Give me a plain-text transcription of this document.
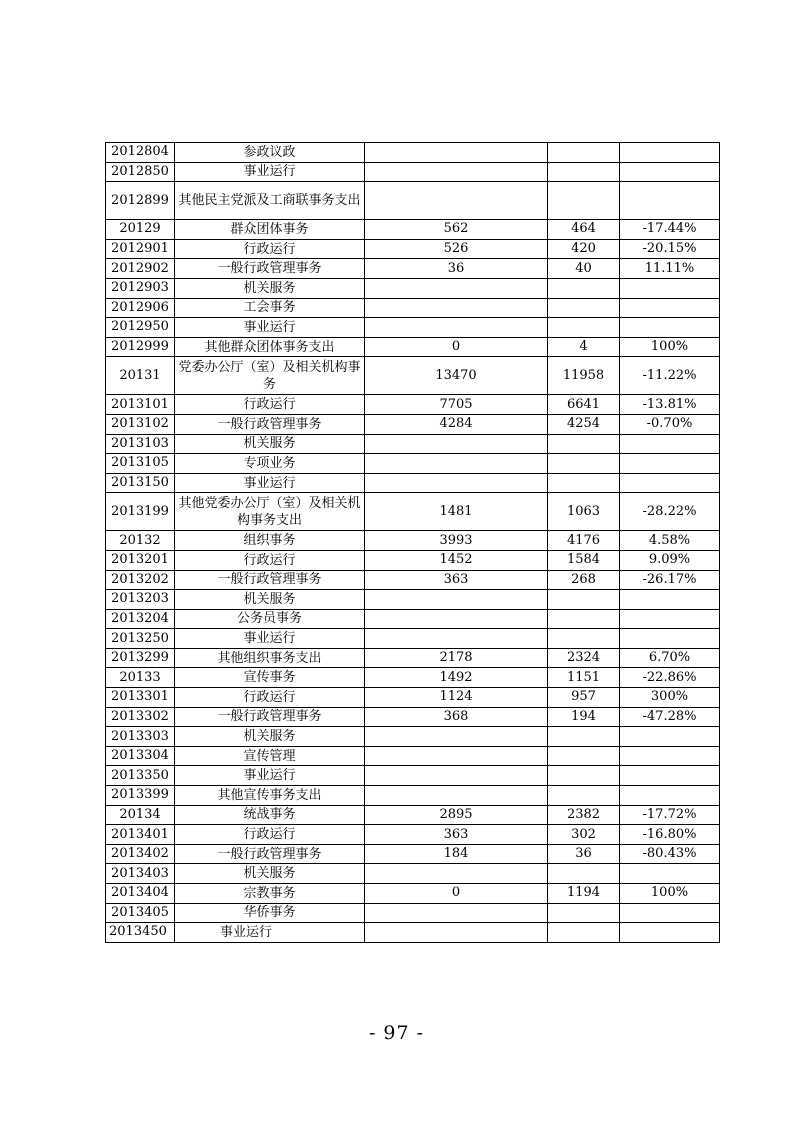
2012804	参政议政			
2012850	事业运行			
2012899	其他民主党派及工商联事务支出			
20129	群众团体事务	562	464	-17.44%
2012901	行政运行	526	420	-20.15%
2012902	一般行政管理事务	36	40	11.11%
2012903	机关服务			
2012906	工会事务			
2012950	事业运行			
2012999	其他群众团体事务支出	0	4	100%
20131	党委办公厅（室）及相关机构事务	13470	11958	-11.22%
2013101	行政运行	7705	6641	-13.81%
2013102	一般行政管理事务	4284	4254	-0.70%
2013103	机关服务			
2013105	专项业务			
2013150	事业运行			
2013199	其他党委办公厅（室）及相关机构事务支出	1481	1063	-28.22%
20132	组织事务	3993	4176	4.58%
2013201	行政运行	1452	1584	9.09%
2013202	一般行政管理事务	363	268	-26.17%
2013203	机关服务			
2013204	公务员事务			
2013250	事业运行			
2013299	其他组织事务支出	2178	2324	6.70%
20133	宣传事务	1492	1151	-22.86%
2013301	行政运行	1124	957	300%
2013302	一般行政管理事务	368	194	-47.28%
2013303	机关服务			
2013304	宣传管理			
2013350	事业运行			
2013399	其他宣传事务支出			
20134	统战事务	2895	2382	-17.72%
2013401	行政运行	363	302	-16.80%
2013402	一般行政管理事务	184	36	-80.43%
2013403	机关服务			
2013404	宗教事务	0	1194	100%
2013405	华侨事务			
2013450	事业运行			
- 97 -
